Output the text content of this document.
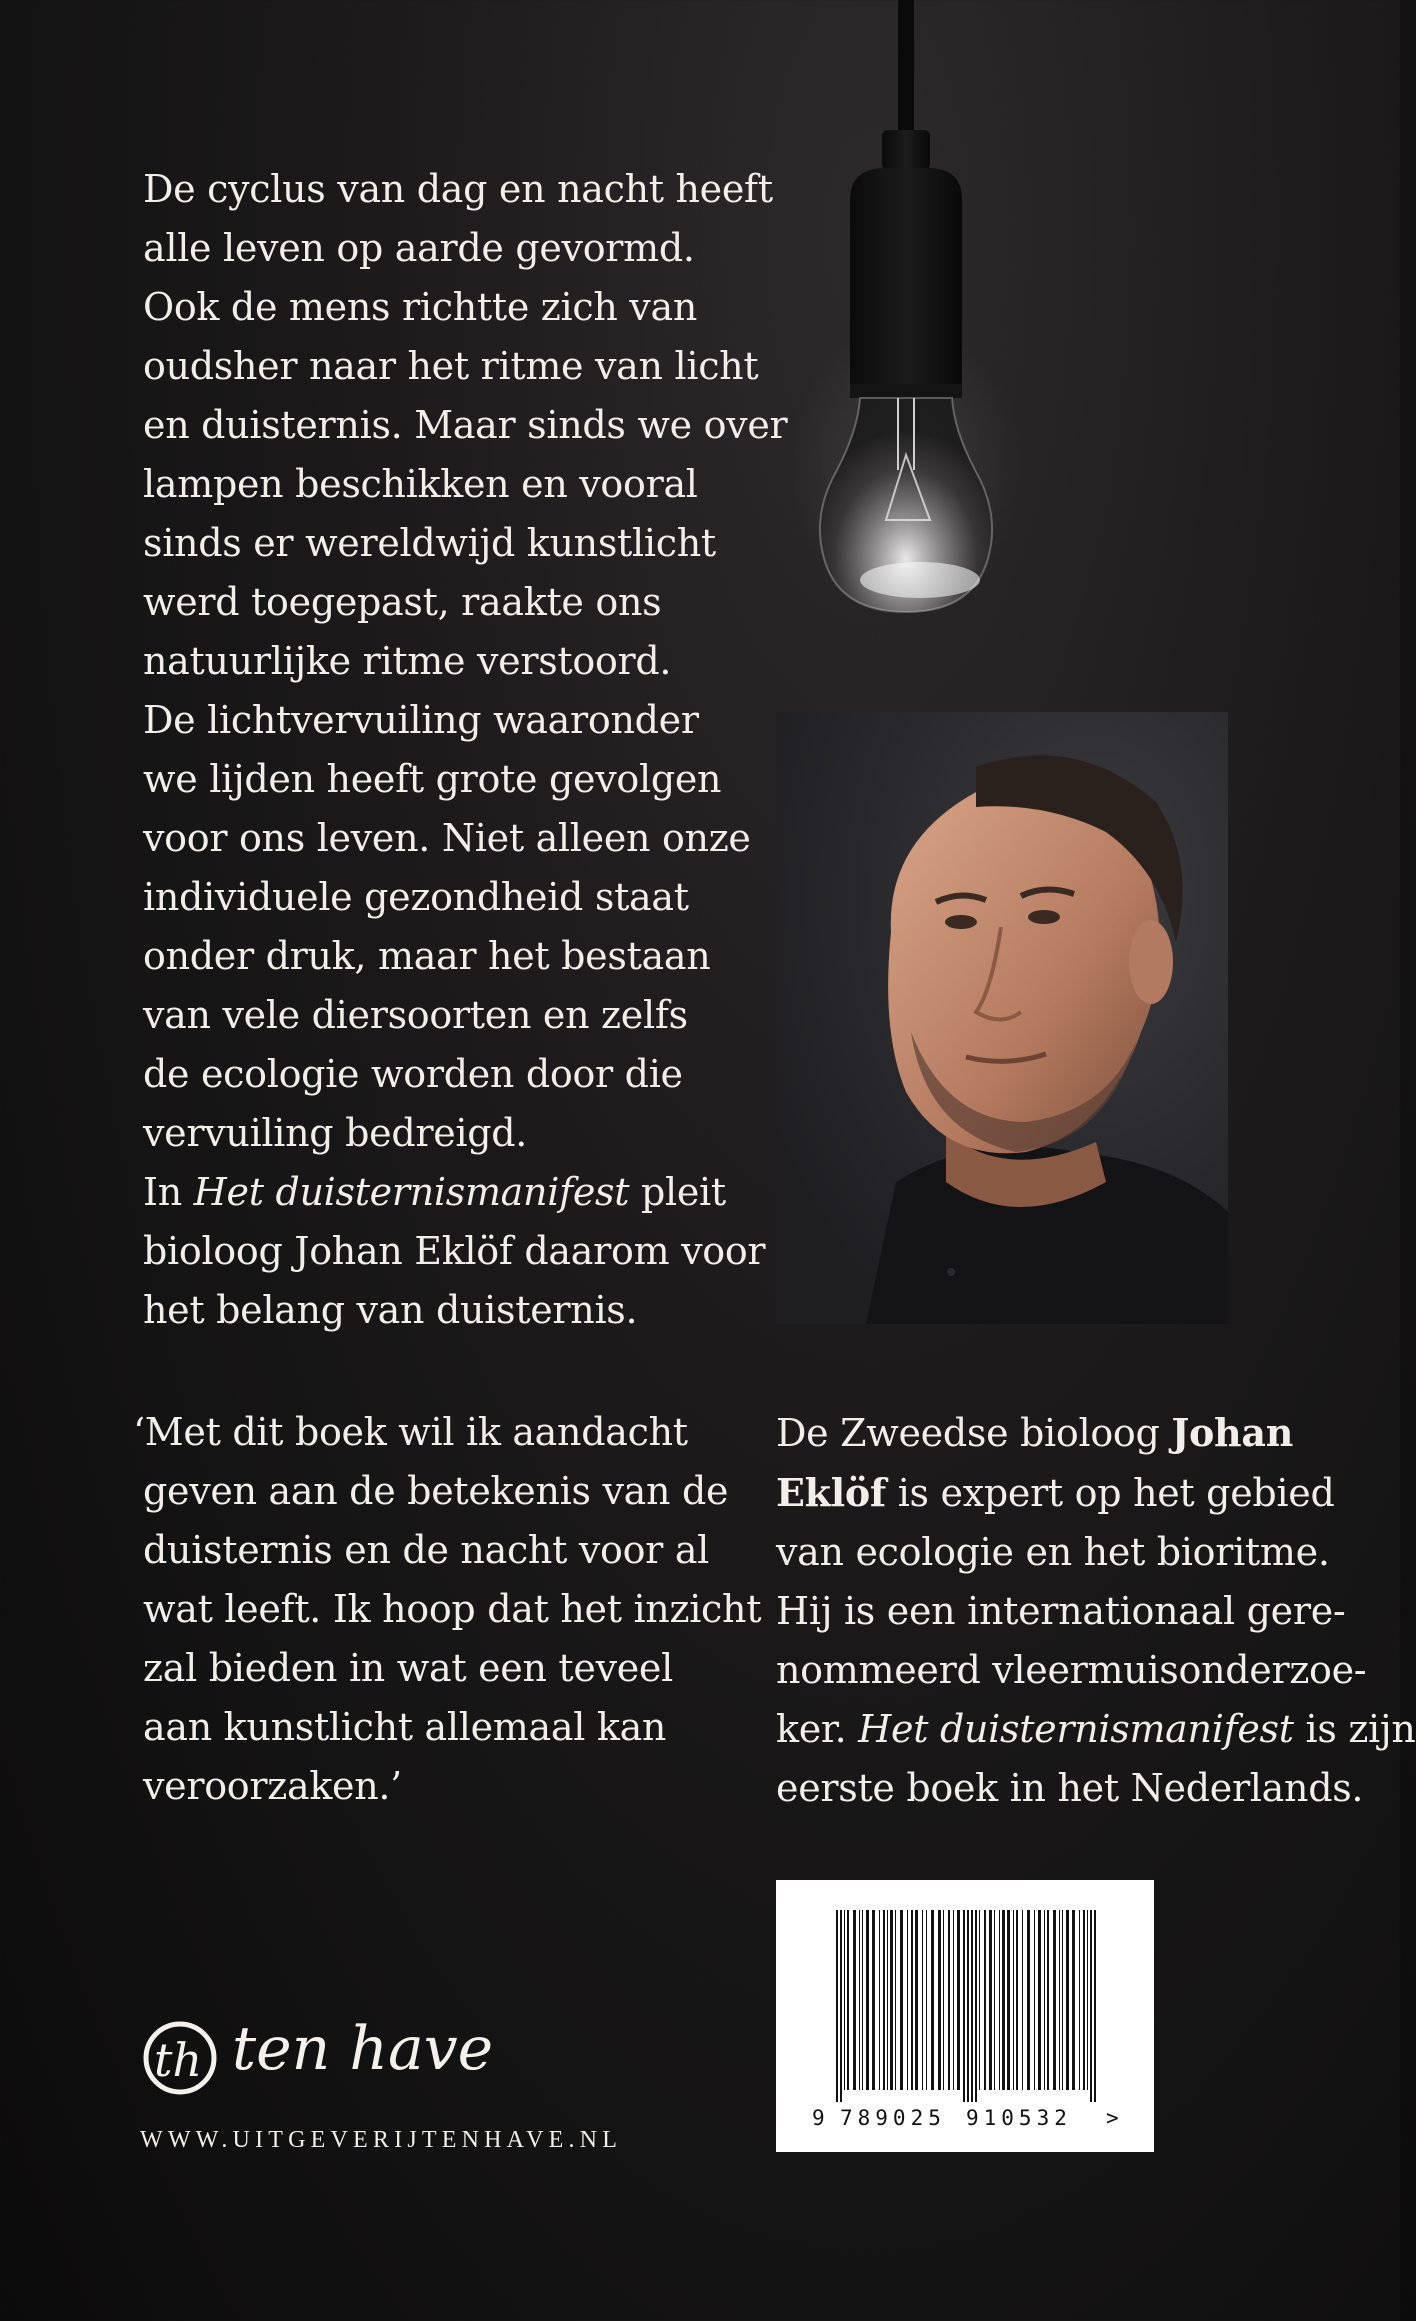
De cyclus van dag en nacht heeft
alle leven op aarde gevormd.
Ook de mens richtte zich van
oudsher naar het ritme van licht
en duisternis. Maar sinds we over
lampen beschikken en vooral
sinds er wereldwijd kunstlicht
werd toegepast, raakte ons
natuurlijke ritme verstoord.
De lichtvervuiling waaronder
we lijden heeft grote gevolgen
voor ons leven. Niet alleen onze
individuele gezondheid staat
onder druk, maar het bestaan
van vele diersoorten en zelfs
de ecologie worden door die
vervuiling bedreigd.
In Het duisternismanifest pleit
bioloog Johan Eklöf daarom voor
het belang van duisternis.
‘Met dit boek wil ik aandacht
geven aan de betekenis van de
duisternis en de nacht voor al
wat leeft. Ik hoop dat het inzicht
zal bieden in wat een teveel
aan kunstlicht allemaal kan
veroorzaken.’
De Zweedse bioloog Johan
Eklöf is expert op het gebied
van ecologie en het bioritme.
Hij is een internationaal gere-
nommeerd vleermuisonderzoe-
ker. Het duisternismanifest is zijn
eerste boek in het Nederlands.
9 789025 910532 >
th ten have
WWW.UITGEVERIJTENHAVE.NL
